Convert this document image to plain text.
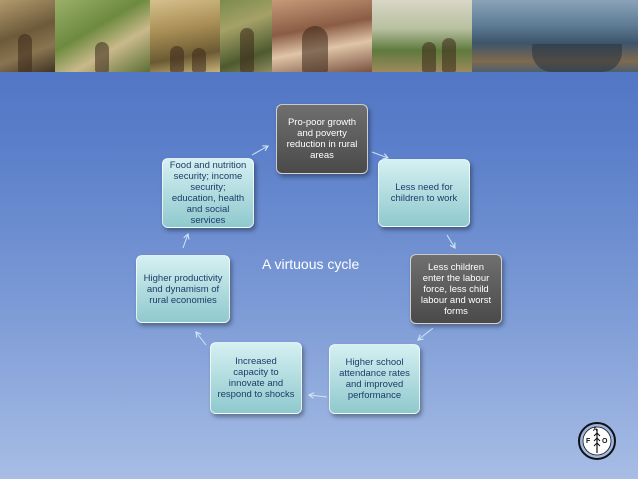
Pro-poor growth and poverty reduction in rural areas
Less need for children to work
Less children enter the labour force, less child labour and worst forms
Higher school attendance rates and improved performance
Increased capacity to innovate and respond to shocks
Higher productivity and dynamism of rural economies
Food and nutrition security; income security; education, health and social services
A virtuous cycle
F
A
O
